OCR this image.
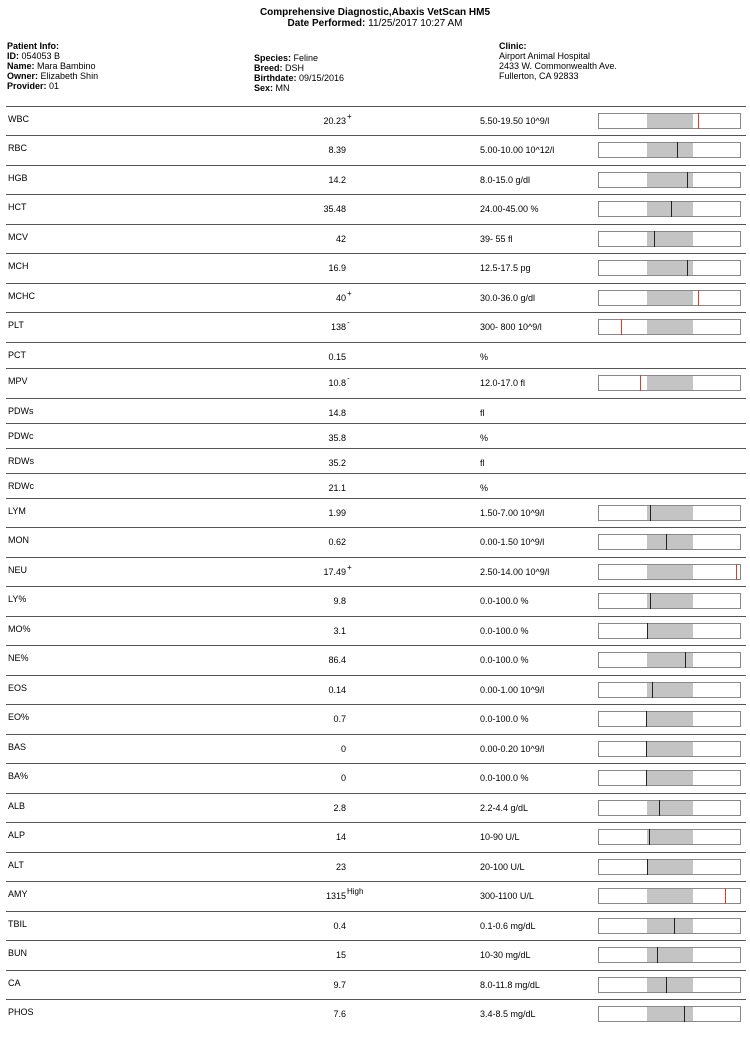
Comprehensive Diagnostic,Abaxis VetScan HM5
Date Performed: 11/25/2017 10:27 AM
Patient Info:
ID: 054053 B
Name: Mara Bambino
Owner: Elizabeth Shin
Provider: 01
Species: Feline
Breed: DSH
Birthdate: 09/15/2016
Sex: MN
Clinic:
Airport Animal Hospital
2433 W. Commonwealth Ave.
Fullerton, CA 92833
WBC	20.23 +	5.50-19.50 10^9/l
RBC	8.39	5.00-10.00 10^12/l
HGB	14.2	8.0-15.0 g/dl
HCT	35.48	24.00-45.00 %
MCV	42	39- 55 fl
MCH	16.9	12.5-17.5 pg
MCHC	40 +	30.0-36.0 g/dl
PLT	138 -	300- 800 10^9/l
PCT	0.15	%
MPV	10.8 -	12.0-17.0 fl
PDWs	14.8	fl
PDWc	35.8	%
RDWs	35.2	fl
RDWc	21.1	%
LYM	1.99	1.50-7.00 10^9/l
MON	0.62	0.00-1.50 10^9/l
NEU	17.49 +	2.50-14.00 10^9/l
LY%	9.8	0.0-100.0 %
MO%	3.1	0.0-100.0 %
NE%	86.4	0.0-100.0 %
EOS	0.14	0.00-1.00 10^9/l
EO%	0.7	0.0-100.0 %
BAS	0	0.00-0.20 10^9/l
BA%	0	0.0-100.0 %
ALB	2.8	2.2-4.4 g/dL
ALP	14	10-90 U/L
ALT	23	20-100 U/L
AMY	1315 High	300-1100 U/L
TBIL	0.4	0.1-0.6 mg/dL
BUN	15	10-30 mg/dL
CA	9.7	8.0-11.8 mg/dL
PHOS	7.6	3.4-8.5 mg/dL
